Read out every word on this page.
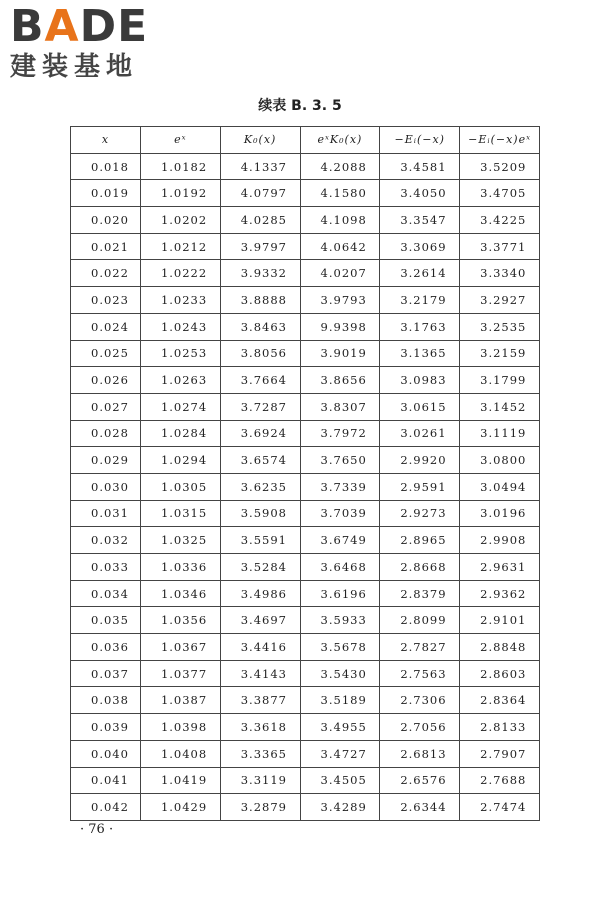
BADE
建装基地
续表 B. 3. 5
x	eˣ	K₀(x)	eˣK₀(x)	−Eᵢ(−x)	−Eᵢ(−x)eˣ
0.018	1.0182	4.1337	4.2088	3.4581	3.5209
0.019	1.0192	4.0797	4.1580	3.4050	3.4705
0.020	1.0202	4.0285	4.1098	3.3547	3.4225
0.021	1.0212	3.9797	4.0642	3.3069	3.3771
0.022	1.0222	3.9332	4.0207	3.2614	3.3340
0.023	1.0233	3.8888	3.9793	3.2179	3.2927
0.024	1.0243	3.8463	9.9398	3.1763	3.2535
0.025	1.0253	3.8056	3.9019	3.1365	3.2159
0.026	1.0263	3.7664	3.8656	3.0983	3.1799
0.027	1.0274	3.7287	3.8307	3.0615	3.1452
0.028	1.0284	3.6924	3.7972	3.0261	3.1119
0.029	1.0294	3.6574	3.7650	2.9920	3.0800
0.030	1.0305	3.6235	3.7339	2.9591	3.0494
0.031	1.0315	3.5908	3.7039	2.9273	3.0196
0.032	1.0325	3.5591	3.6749	2.8965	2.9908
0.033	1.0336	3.5284	3.6468	2.8668	2.9631
0.034	1.0346	3.4986	3.6196	2.8379	2.9362
0.035	1.0356	3.4697	3.5933	2.8099	2.9101
0.036	1.0367	3.4416	3.5678	2.7827	2.8848
0.037	1.0377	3.4143	3.5430	2.7563	2.8603
0.038	1.0387	3.3877	3.5189	2.7306	2.8364
0.039	1.0398	3.3618	3.4955	2.7056	2.8133
0.040	1.0408	3.3365	3.4727	2.6813	2.7907
0.041	1.0419	3.3119	3.4505	2.6576	2.7688
0.042	1.0429	3.2879	3.4289	2.6344	2.7474
· 76 ·
